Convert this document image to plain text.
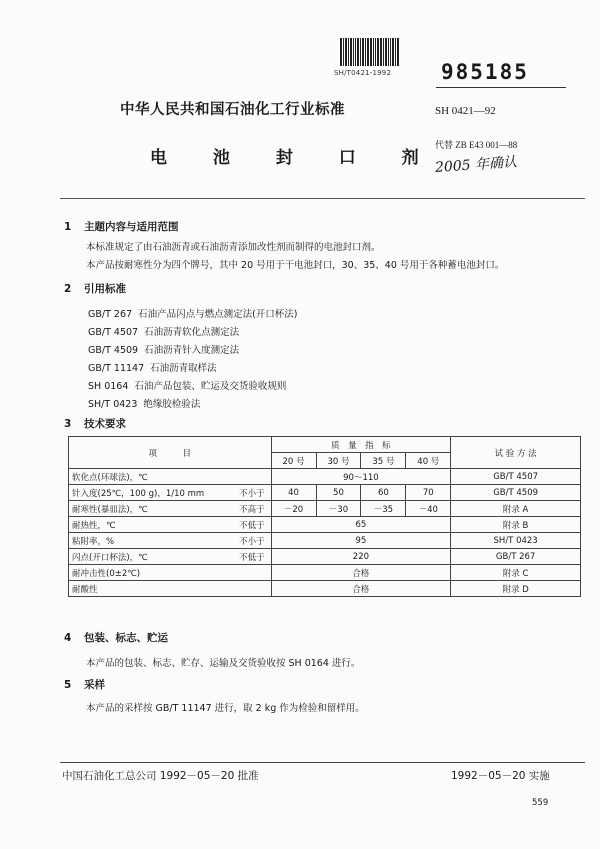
SH/T0421-1992 985185
中华人民共和国石油化工行业标准	SH 0421—92
电 池 封 口 剂
代替 ZB E43 001—88
2005 年确认
1 主题内容与适用范围
本标准规定了由石油沥青或石油沥青添加改性剂而制得的电池封口剂。
本产品按耐寒性分为四个牌号，其中 20 号用于干电池封口，30、35、40 号用于各种蓄电池封口。
2 引用标准
GB/T 267 石油产品闪点与燃点测定法(开口杯法)
GB/T 4507 石油沥青软化点测定法
GB/T 4509 石油沥青针入度测定法
GB/T 11147 石油沥青取样法
SH 0164 石油产品包装、贮运及交货验收规则
SH/T 0423 绝缘胶检验法
3 技术要求
项　　　目		质　量　指　标				试 验 方 法
		20 号	30 号	35 号	40 号	
软化点(环球法)，℃		90～110				GB/T 4507
针入度(25℃，100 g)，1/10 mm	不小于	40	50	60	70	GB/T 4509
耐寒性(暴皿法)，℃	不高于	－20	－30	－35	－40	附录 A
耐热性，℃	不低于	65				附录 B
粘附率，%	不小于	95				SH/T 0423
闪点(开口杯法)，℃	不低于	220				GB/T 267
耐冲击性(0±2℃)		合格				附录 C
耐酸性		合格				附录 D
4 包装、标志、贮运
本产品的包装、标志、贮存、运输及交货验收按 SH 0164 进行。
5 采样
本产品的采样按 GB/T 11147 进行，取 2 kg 作为检验和留样用。
中国石油化工总公司 1992－05－20 批准	1992－05－20 实施
559
